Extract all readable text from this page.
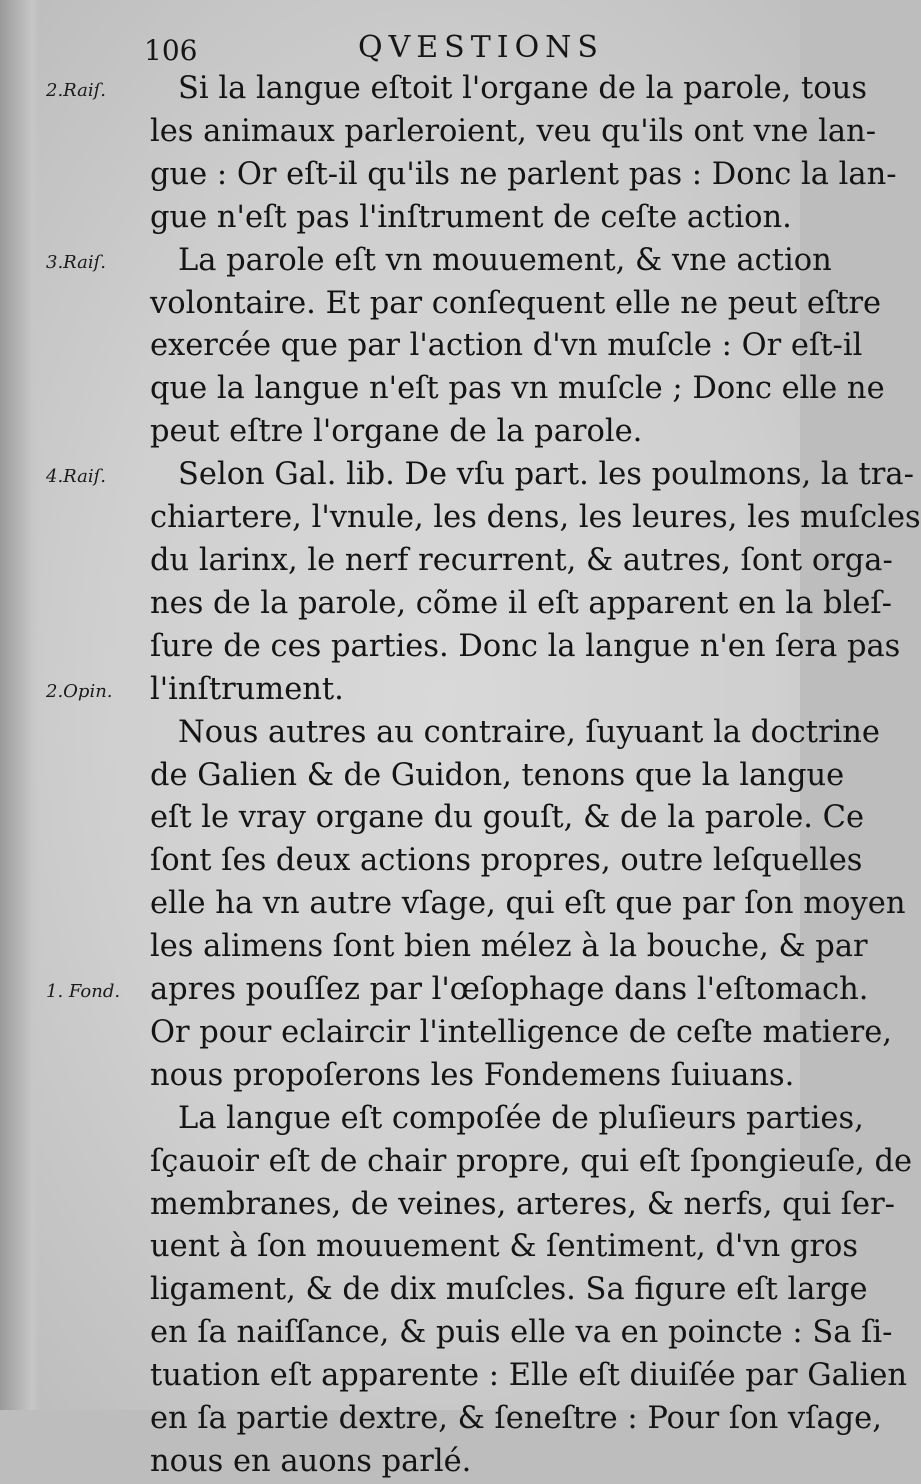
106	QVESTIONS
2.Raiſ.
3.Raiſ.
4.Raiſ.
2.Opin.
1. Fond.
Si la langue eſtoit l'organe de la parole, tous
les animaux parleroient, veu qu'ils ont vne lan-
gue : Or eſt-il qu'ils ne parlent pas : Donc la lan-
gue n'eſt pas l'inſtrument de ceſte action.
La parole eſt vn mouuement, & vne action
volontaire. Et par conſequent elle ne peut eſtre
exercée que par l'action d'vn muſcle : Or eſt-il
que la langue n'eſt pas vn muſcle ; Donc elle ne
peut eſtre l'organe de la parole.
Selon Gal. lib. De vſu part. les poulmons, la tra-
chiartere, l'vnule, les dens, les leures, les muſcles
du larinx, le nerf recurrent, & autres, ſont orga-
nes de la parole, cõme il eſt apparent en la bleſ-
ſure de ces parties. Donc la langue n'en ſera pas
l'inſtrument.
Nous autres au contraire, ſuyuant la doctrine
de Galien & de Guidon, tenons que la langue
eſt le vray organe du gouſt, & de la parole. Ce
ſont ſes deux actions propres, outre leſquelles
elle ha vn autre vſage, qui eſt que par ſon moyen
les alimens ſont bien mélez à la bouche, & par
apres pouſſez par l'œſophage dans l'eſtomach.
Or pour eclaircir l'intelligence de ceſte matiere,
nous propoſerons les Fondemens ſuiuans.
La langue eſt compoſée de pluſieurs parties,
ſçauoir eſt de chair propre, qui eſt ſpongieuſe, de
membranes, de veines, arteres, & nerfs, qui ſer-
uent à ſon mouuement & ſentiment, d'vn gros
ligament, & de dix muſcles. Sa figure eſt large
en ſa naiſſance, & puis elle va en poincte : Sa ſi-
tuation eſt apparente : Elle eſt diuiſée par Galien
en ſa partie dextre, & ſeneſtre : Pour ſon vſage,
nous en auons parlé.
